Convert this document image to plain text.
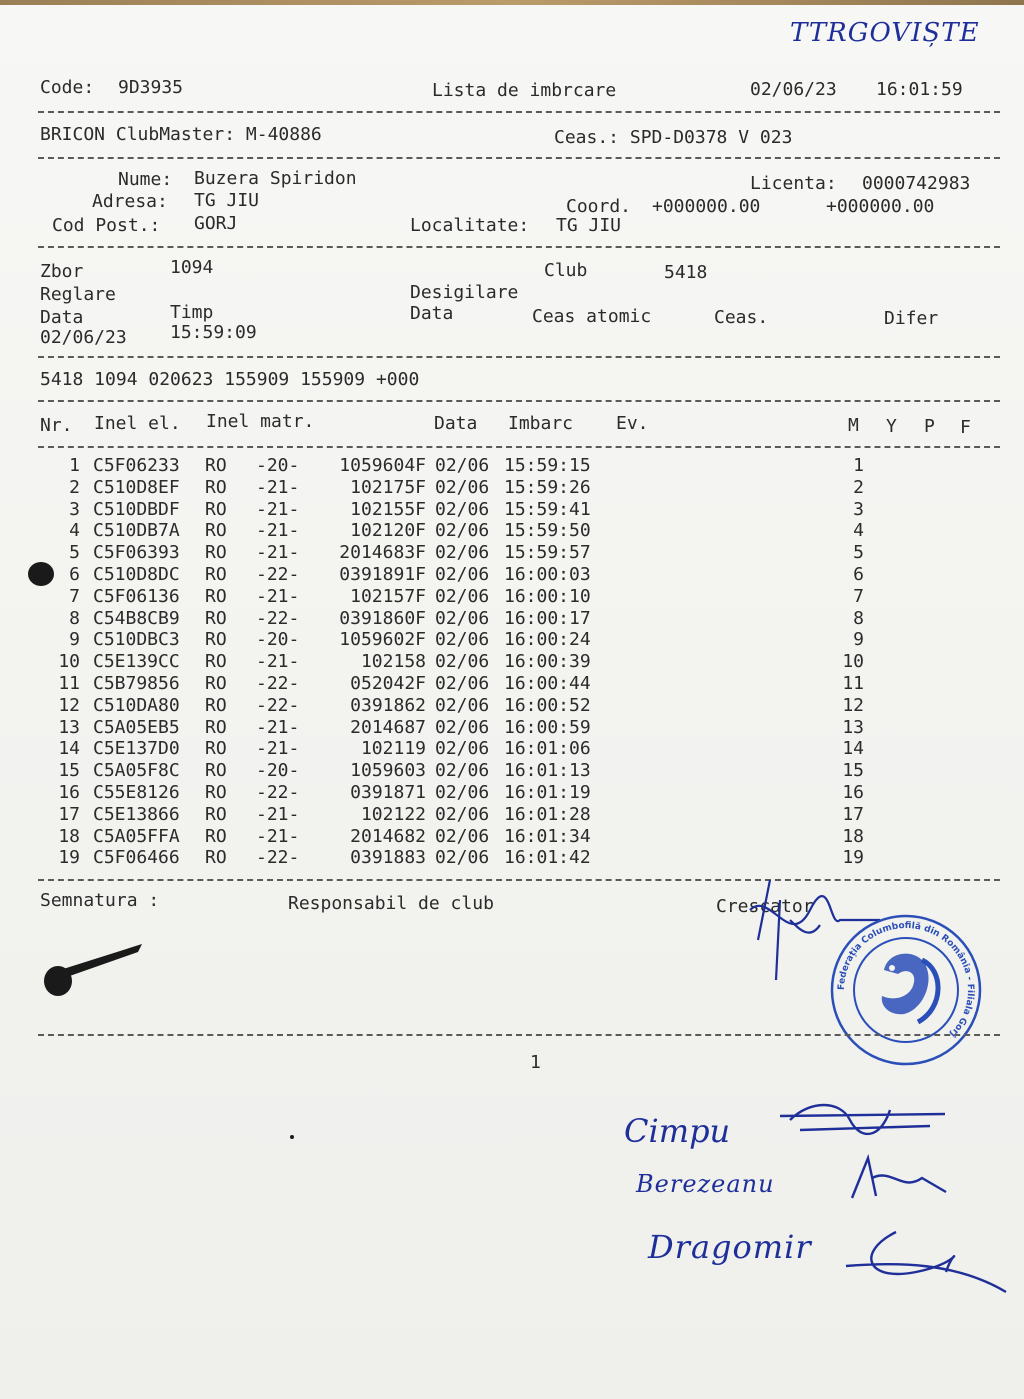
TTRGOVIȘTE
Code: 9D3935	Lista de imbrcare	02/06/23 16:01:59
BRICON ClubMaster: M-40886	Ceas.: SPD-D0378 V 023
Nume: Buzera Spiridon	Licenta: 0000742983
Adresa: TG JIU	Coord. +000000.00	+000000.00
Cod Post.: GORJ	Localitate: TG JIU
Zbor	1094	Club	5418
Reglare	Desigilare
Data	Timp	Data	Ceas atomic	Ceas.	Difer
02/06/23 15:59:09
5418 1094 020623 155909 155909 +000
Nr. Inel el. Inel matr.	Data Imbarc Ev.	M Y P F
1 C5F06233 RO -20-	1059604F 02/06 15:59:15	1
2 C510D8EF RO -21-	102175F 02/06 15:59:26	2
3 C510DBDF RO -21-	102155F 02/06 15:59:41	3
4 C510DB7A RO -21-	102120F 02/06 15:59:50	4
5 C5F06393 RO -21-	2014683F 02/06 15:59:57	5
6 C510D8DC RO -22-	0391891F 02/06 16:00:03	6
7 C5F06136 RO -21-	102157F 02/06 16:00:10	7
8 C54B8CB9 RO -22-	0391860F 02/06 16:00:17	8
9 C510DBC3 RO -20-	1059602F 02/06 16:00:24	9
10 C5E139CC RO -21-	102158 02/06 16:00:39	10
11 C5B79856 RO -22-	052042F 02/06 16:00:44	11
12 C510DA80 RO -22-	0391862 02/06 16:00:52	12
13 C5A05EB5 RO -21-	2014687 02/06 16:00:59	13
14 C5E137D0 RO -21-	102119 02/06 16:01:06	14
15 C5A05F8C RO -20-	1059603 02/06 16:01:13	15
16 C55E8126 RO -22-	0391871 02/06 16:01:19	16
17 C5E13866 RO -21-	102122 02/06 16:01:28	17
18 C5A05FFA RO -21-	2014682 02/06 16:01:34	18
19 C5F06466 RO -22-	0391883 02/06 16:01:42	19
Semnatura :	Responsabil de club	Crescator
Federația Columbofilă din România - Filiala Gorj
1
Cimpu
Berezeanu
Dragomir
